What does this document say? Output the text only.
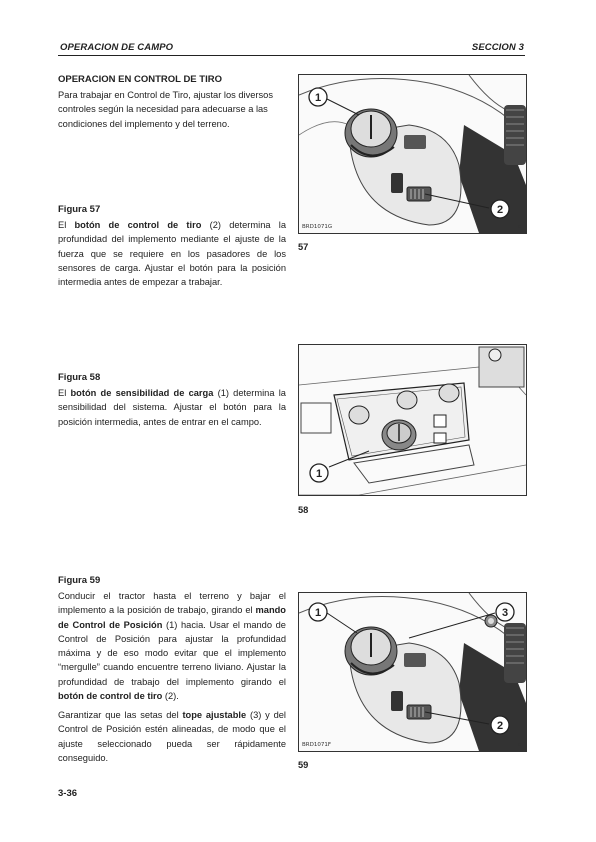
OPERACION DE CAMPO	SECCION 3
OPERACION EN CONTROL DE TIRO
Para trabajar en Control de Tiro, ajustar los diversos controles según la necesidad para adecuarse a las condiciones del implemento y del terreno.
Figura 57
El botón de control de tiro (2) determina la profundidad del implemento mediante el ajuste de la fuerza que se requiere en los pasadores de los sensores de carga. Ajustar el botón para la posición intermedia antes de empezar a trabajar.
1
2
BRD1071G	c
57
Figura 58
El botón de sensibilidad de carga (1) determina la sensibilidad del sistema. Ajustar el botón para la posición intermedia, antes de entrar en el campo.
1
58
Figura 59
Conducir el tractor hasta el terreno y bajar el implemento a la posición de trabajo, girando el mando de Control de Posición (1) hacia. Usar el mando de Control de Posición para ajustar la profundidad máxima y de eso modo evitar que el implemento “mergulle” cuando encuentre terreno liviano. Ajustar la profundidad de trabajo del implemento girando el botón de control de tiro (2).
Garantizar que las setas del tope ajustable (3) y del Control de Posición estén alineadas, de modo que el ajuste seleccionado pueda ser rápidamente conseguido.
1	3
2
BRD1071F	c
59
3-36
